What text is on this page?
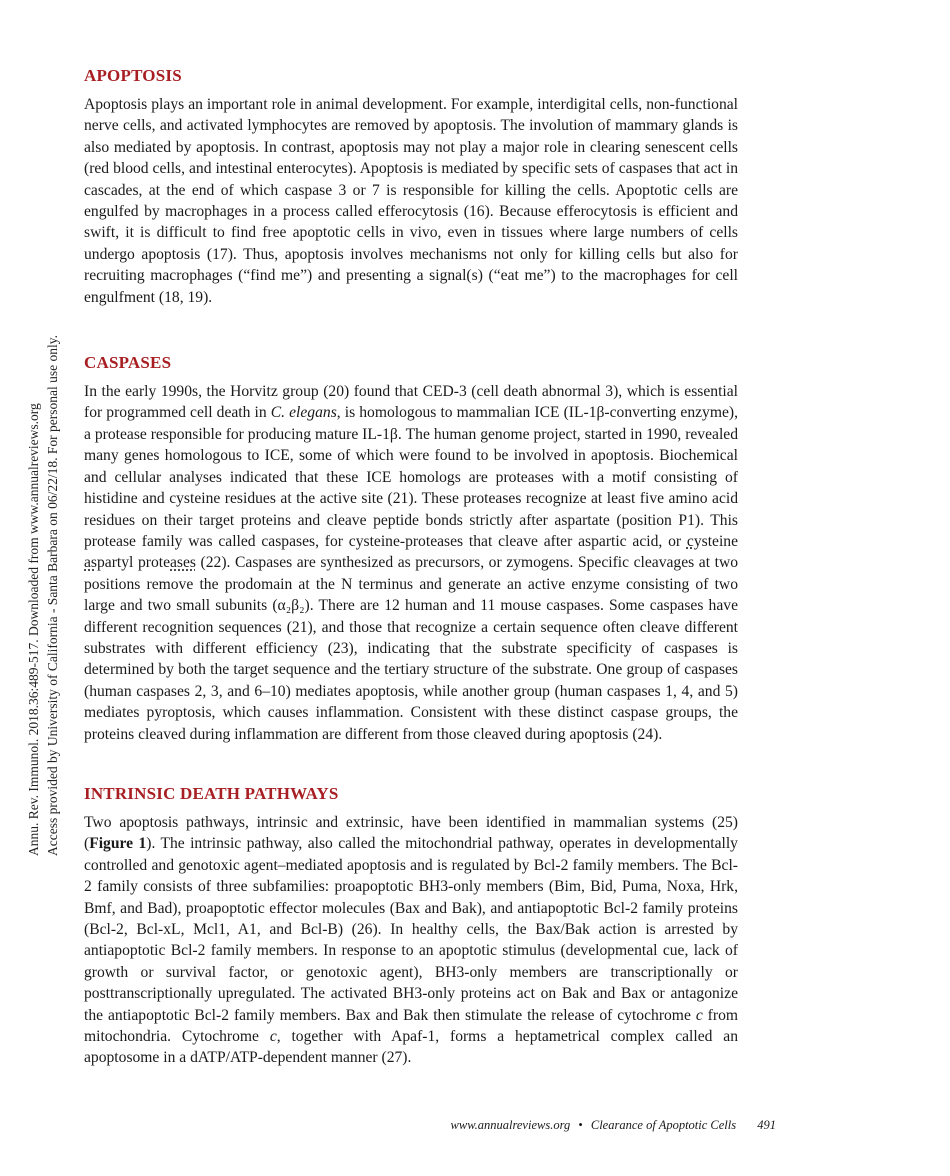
Annu. Rev. Immunol. 2018.36:489-517. Downloaded from www.annualreviews.org Access provided by University of California - Santa Barbara on 06/22/18. For personal use only.
APOPTOSIS

Apoptosis plays an important role in animal development. For example, interdigital cells, non-functional nerve cells, and activated lymphocytes are removed by apoptosis. The involution of mammary glands is also mediated by apoptosis. In contrast, apoptosis may not play a major role in clearing senescent cells (red blood cells, and intestinal enterocytes). Apoptosis is mediated by specific sets of caspases that act in cascades, at the end of which caspase 3 or 7 is responsible for killing the cells. Apoptotic cells are engulfed by macrophages in a process called efferocytosis (16). Because efferocytosis is efficient and swift, it is difficult to find free apoptotic cells in vivo, even in tissues where large numbers of cells undergo apoptosis (17). Thus, apoptosis involves mechanisms not only for killing cells but also for recruiting macrophages (“find me”) and presenting a signal(s) (“eat me”) to the macrophages for cell engulfment (18, 19).

CASPASES

In the early 1990s, the Horvitz group (20) found that CED-3 (cell death abnormal 3), which is essential for programmed cell death in C. elegans, is homologous to mammalian ICE (IL-1β-converting enzyme), a protease responsible for producing mature IL-1β. The human genome project, started in 1990, revealed many genes homologous to ICE, some of which were found to be involved in apoptosis. Biochemical and cellular analyses indicated that these ICE homologs are proteases with a motif consisting of histidine and cysteine residues at the active site (21). These proteases recognize at least five amino acid residues on their target proteins and cleave peptide bonds strictly after aspartate (position P1). This protease family was called caspases, for cysteine-proteases that cleave after aspartic acid, or cysteine aspartyl proteases (22). Caspases are synthesized as precursors, or zymogens. Specific cleavages at two positions remove the prodomain at the N terminus and generate an active enzyme consisting of two large and two small subunits (α₂β₂). There are 12 human and 11 mouse caspases. Some caspases have different recognition sequences (21), and those that recognize a certain sequence often cleave different substrates with different efficiency (23), indicating that the substrate specificity of caspases is determined by both the target sequence and the tertiary structure of the substrate. One group of caspases (human caspases 2, 3, and 6–10) mediates apoptosis, while another group (human caspases 1, 4, and 5) mediates pyroptosis, which causes inflammation. Consistent with these distinct caspase groups, the proteins cleaved during inflammation are different from those cleaved during apoptosis (24).

INTRINSIC DEATH PATHWAYS

Two apoptosis pathways, intrinsic and extrinsic, have been identified in mammalian systems (25) (Figure 1). The intrinsic pathway, also called the mitochondrial pathway, operates in developmentally controlled and genotoxic agent–mediated apoptosis and is regulated by Bcl-2 family members. The Bcl-2 family consists of three subfamilies: proapoptotic BH3-only members (Bim, Bid, Puma, Noxa, Hrk, Bmf, and Bad), proapoptotic effector molecules (Bax and Bak), and antiapoptotic Bcl-2 family proteins (Bcl-2, Bcl-xL, Mcl1, A1, and Bcl-B) (26). In healthy cells, the Bax/Bak action is arrested by antiapoptotic Bcl-2 family members. In response to an apoptotic stimulus (developmental cue, lack of growth or survival factor, or genotoxic agent), BH3-only members are transcriptionally or posttranscriptionally upregulated. The activated BH3-only proteins act on Bak and Bax or antagonize the antiapoptotic Bcl-2 family members. Bax and Bak then stimulate the release of cytochrome c from mitochondria. Cytochrome c, together with Apaf-1, forms a heptametrical complex called an apoptosome in a dATP/ATP-dependent manner (27).

www.annualreviews.org • Clearance of Apoptotic Cells 491
